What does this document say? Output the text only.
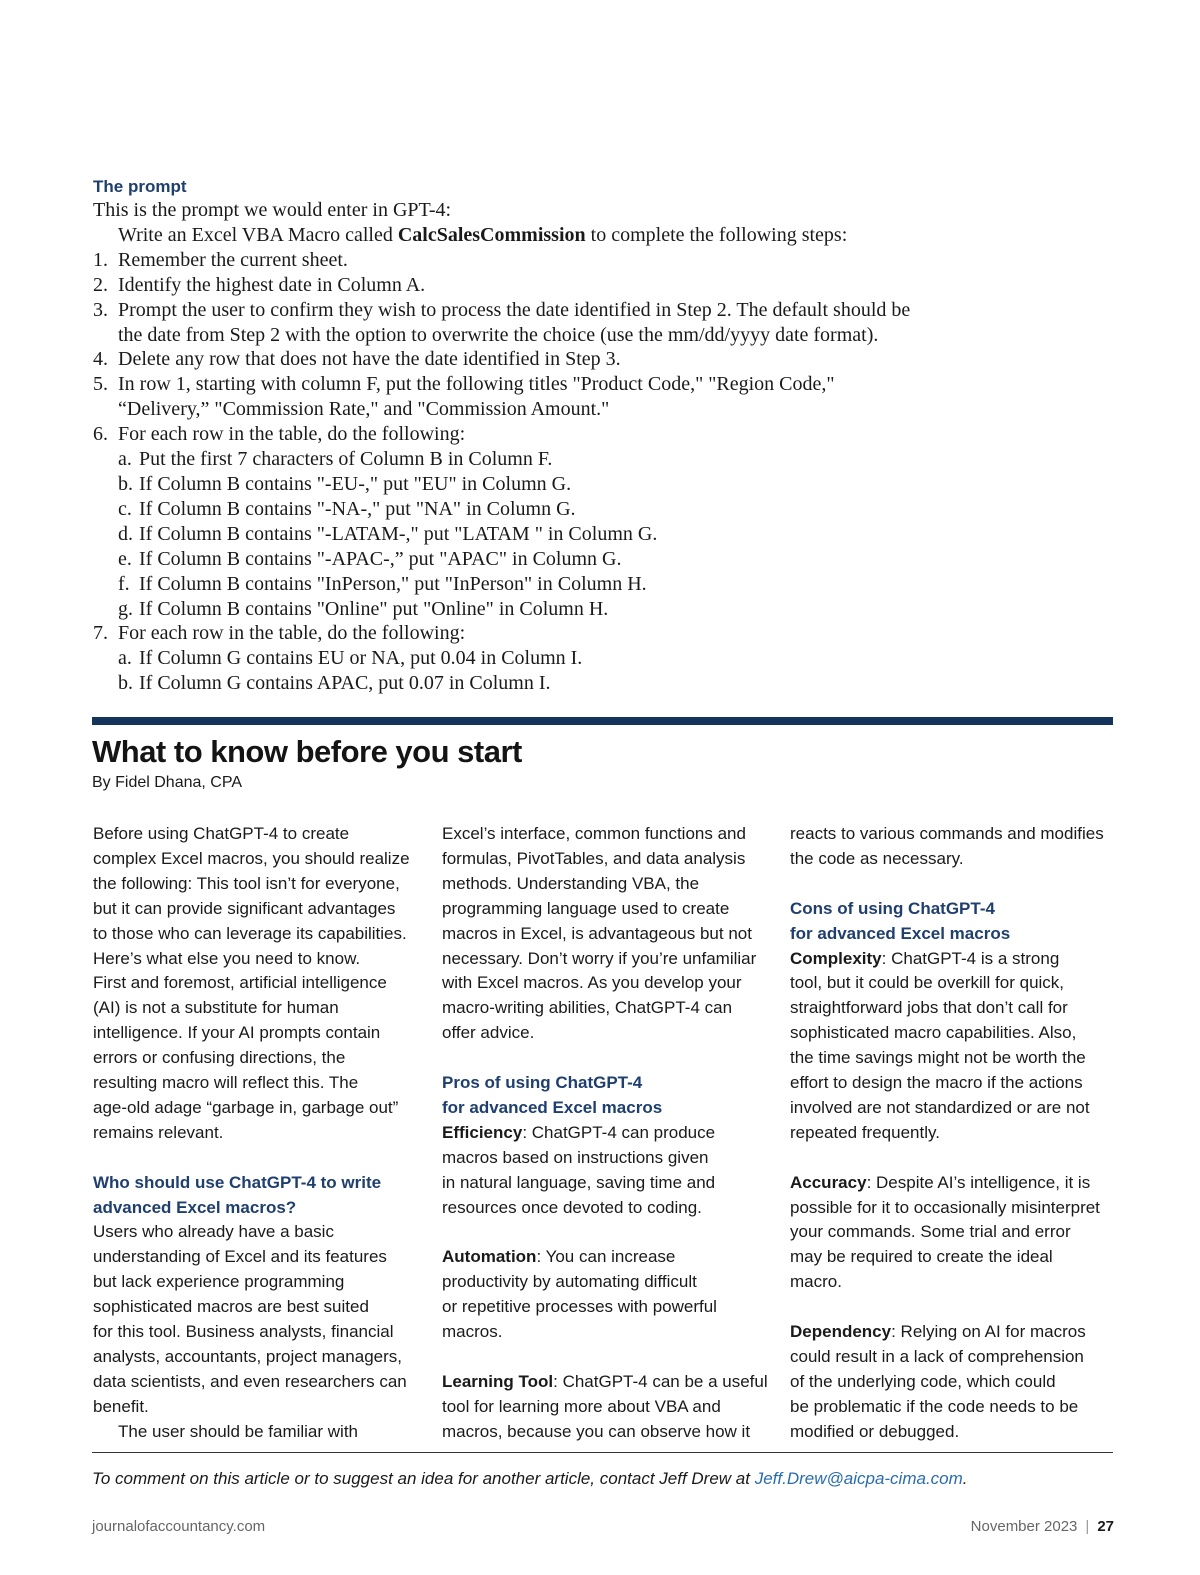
The prompt
This is the prompt we would enter in GPT-4:
Write an Excel VBA Macro called CalcSalesCommission to complete the following steps:
1. Remember the current sheet.
2. Identify the highest date in Column A.
3. Prompt the user to confirm they wish to process the date identified in Step 2. The default should be
the date from Step 2 with the option to overwrite the choice (use the mm/dd/yyyy date format).
4. Delete any row that does not have the date identified in Step 3.
5. In row 1, starting with column F, put the following titles "Product Code," "Region Code,"
“Delivery,” "Commission Rate," and "Commission Amount."
6. For each row in the table, do the following:
a. Put the first 7 characters of Column B in Column F.
b. If Column B contains "-EU-," put "EU" in Column G.
c. If Column B contains "-NA-," put "NA" in Column G.
d. If Column B contains "-LATAM-," put "LATAM " in Column G.
e. If Column B contains "-APAC-,” put "APAC" in Column G.
f. If Column B contains "InPerson," put "InPerson" in Column H.
g. If Column B contains "Online" put "Online" in Column H.
7. For each row in the table, do the following:
a. If Column G contains EU or NA, put 0.04 in Column I.
b. If Column G contains APAC, put 0.07 in Column I.
What to know before you start
By Fidel Dhana, CPA

Before using ChatGPT-4 to create

complex Excel macros, you should realize

the following: This tool isn’t for everyone,

but it can provide significant advantages

to those who can leverage its capabilities.

Here’s what else you need to know.

First and foremost, artificial intelligence

(AI) is not a substitute for human

intelligence. If your AI prompts contain

errors or confusing directions, the

resulting macro will reflect this. The

age-old adage “garbage in, garbage out”

remains relevant.

Who should use ChatGPT-4 to write

advanced Excel macros?

Users who already have a basic

understanding of Excel and its features

but lack experience programming

sophisticated macros are best suited

for this tool. Business analysts, financial

analysts, accountants, project managers,

data scientists, and even researchers can

benefit.

The user should be familiar with

Excel’s interface, common functions and

formulas, PivotTables, and data analysis

methods. Understanding VBA, the

programming language used to create

macros in Excel, is advantageous but not

necessary. Don’t worry if you’re unfamiliar

with Excel macros. As you develop your

macro-writing abilities, ChatGPT-4 can

offer advice.

Pros of using ChatGPT-4

for advanced Excel macros

Efficiency: ChatGPT-4 can produce

macros based on instructions given

in natural language, saving time and

resources once devoted to coding.

Automation: You can increase

productivity by automating difficult

or repetitive processes with powerful

macros.

Learning Tool: ChatGPT-4 can be a useful

tool for learning more about VBA and

macros, because you can observe how it

reacts to various commands and modifies

the code as necessary.

Cons of using ChatGPT-4

for advanced Excel macros

Complexity: ChatGPT-4 is a strong

tool, but it could be overkill for quick,

straightforward jobs that don’t call for

sophisticated macro capabilities. Also,

the time savings might not be worth the

effort to design the macro if the actions

involved are not standardized or are not

repeated frequently.

Accuracy: Despite AI’s intelligence, it is

possible for it to occasionally misinterpret

your commands. Some trial and error

may be required to create the ideal

macro.

Dependency: Relying on AI for macros

could result in a lack of comprehension

of the underlying code, which could

be problematic if the code needs to be

modified or debugged.

To comment on this article or to suggest an idea for another article, contact Jeff Drew at Jeff.Drew@aicpa-cima.com.
journalofaccountancy.com	November 2023 | 27
